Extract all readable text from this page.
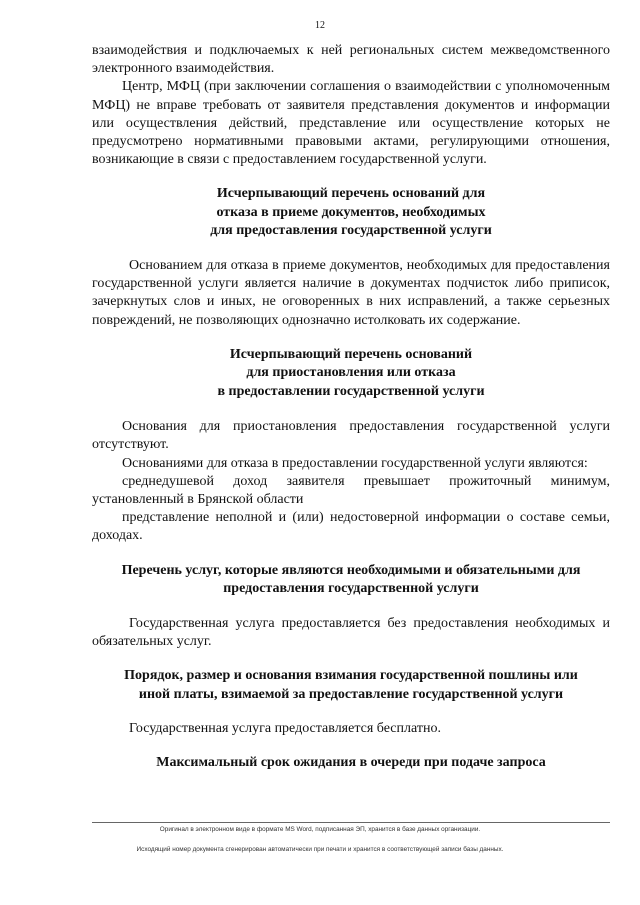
12

взаимодействия и подключаемых к ней региональных систем межведомственного электронного взаимодействия.

Центр, МФЦ (при заключении соглашения о взаимодействии с уполномоченным МФЦ) не вправе требовать от заявителя представления документов и информации или осуществления действий, представление или осуществление которых не предусмотрено нормативными правовыми актами, регулирующими отношения, возникающие в связи с предоставлением государственной услуги.

Исчерпывающий перечень оснований для
отказа в приеме документов, необходимых
для предоставления государственной услуги

Основанием для отказа в приеме документов, необходимых для предоставления государственной услуги является наличие в документах подчисток либо приписок, зачеркнутых слов и иных, не оговоренных в них исправлений, а также серьезных повреждений, не позволяющих однозначно истолковать их содержание.

Исчерпывающий перечень оснований
для приостановления или отказа
в предоставлении государственной услуги

Основания для приостановления предоставления государственной услуги отсутствуют.

Основаниями для отказа в предоставлении государственной услуги являются:

среднедушевой доход заявителя превышает прожиточный минимум, установленный в Брянской области

представление неполной и (или) недостоверной информации о составе семьи, доходах.

Перечень услуг, которые являются необходимыми и обязательными для
предоставления государственной услуги

Государственная услуга предоставляется без предоставления необходимых и обязательных услуг.

Порядок, размер и основания взимания государственной пошлины или
иной платы, взимаемой за предоставление государственной услуги

Государственная услуга предоставляется бесплатно.

Максимальный срок ожидания в очереди при подаче запроса
Оригинал в электронном виде в формате MS Word, подписанная ЭП, хранится в базе данных организации.
Исходящий номер документа сгенерирован автоматически при печати и хранится в соответствующей записи базы данных.
